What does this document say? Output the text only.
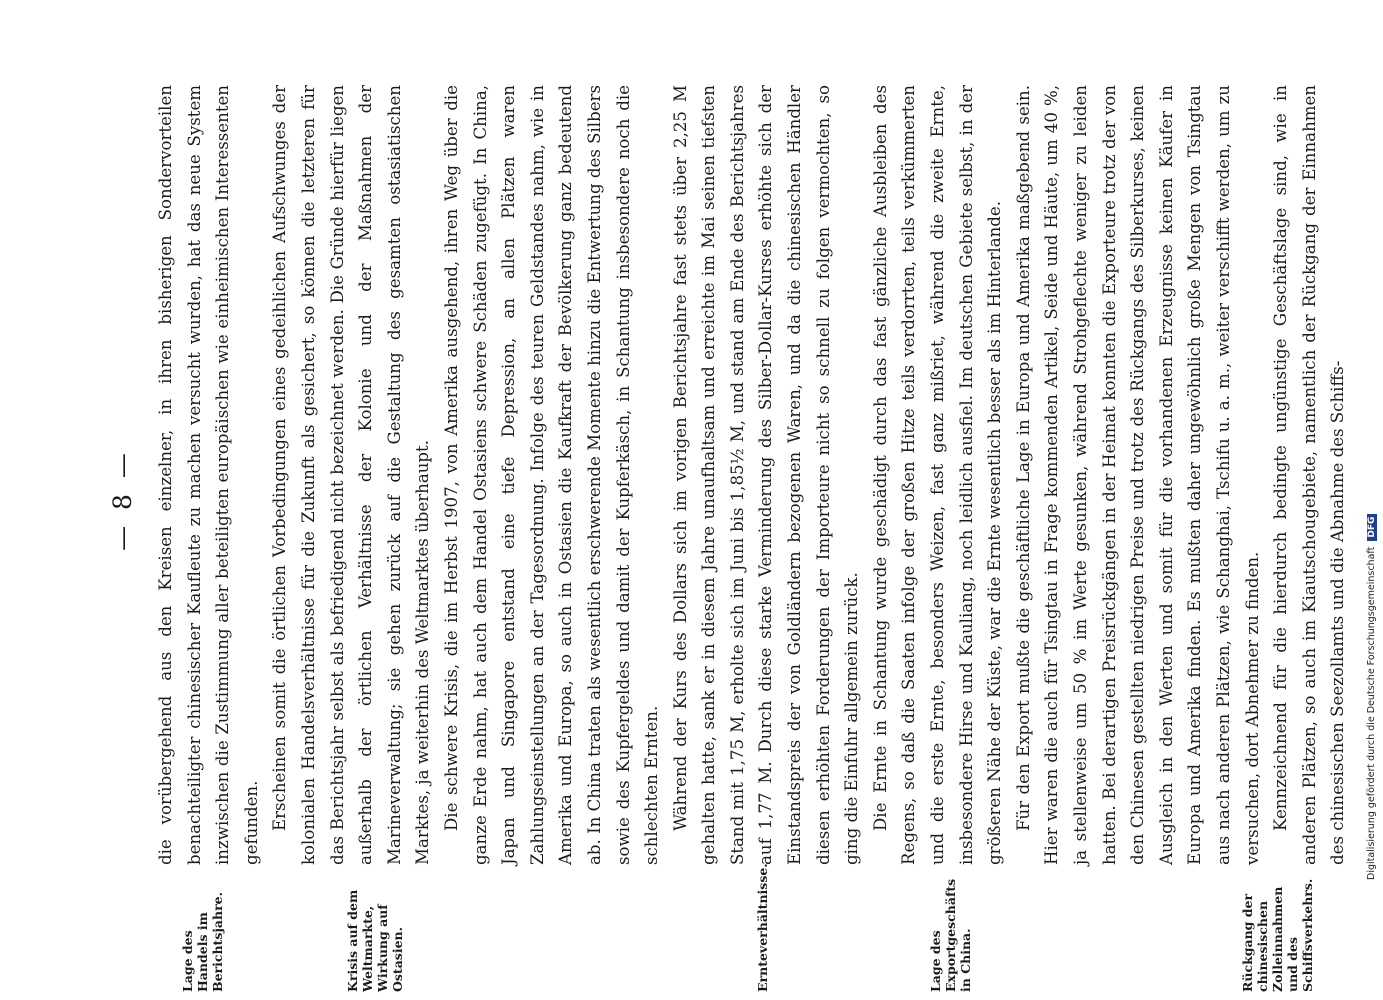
— 8 —
Lage des Handels im Berichtsjahre.	Krisis auf dem Weltmarkte, Wirkung auf Ostasien.	Ernteverhältnisse.	Lage des Exportgeschäfts in China.	Rückgang der chinesischen Zolleinnahmen und des Schiffsverkehrs.

die vorübergehend aus den Kreisen einzelner, in ihren bisherigen Sondervorteilen benachteiligter chinesischer Kaufleute zu machen versucht wurden, hat das neue System inzwischen die Zustimmung aller beteiligten europäischen wie einheimischen Interessenten gefunden. Erscheinen somit die örtlichen Vorbedingungen eines gedeihlichen Aufschwunges der kolonialen Handelsverhältnisse für die Zukunft als gesichert, so können die letzteren für das Berichtsjahr selbst als befriedigend nicht bezeichnet werden. Die Gründe hierfür liegen außerhalb der örtlichen Verhältnisse der Kolonie und der Maßnahmen der Marineverwaltung; sie gehen zurück auf die Gestaltung des gesamten ostasiatischen Marktes, ja weiterhin des Weltmarktes überhaupt. Die schwere Krisis, die im Herbst 1907, von Amerika ausgehend, ihren Weg über die ganze Erde nahm, hat auch dem Handel Ostasiens schwere Schäden zugefügt. In China, Japan und Singapore entstand eine tiefe Depression, an allen Plätzen waren Zahlungseinstellungen an der Tagesordnung. Infolge des teuren Geldstandes nahm, wie in Amerika und Europa, so auch in Ostasien die Kaufkraft der Bevölkerung ganz bedeutend ab. In China traten als wesentlich erschwerende Momente hinzu die Entwertung des Silbers sowie des Kupfergeldes und damit der Kupferkäsch, in Schantung insbesondere noch die schlechten Ernten. Während der Kurs des Dollars sich im vorigen Berichtsjahre fast stets über 2,25 M gehalten hatte, sank er in diesem Jahre unaufhaltsam und erreichte im Mai seinen tiefsten Stand mit 1,75 M, erholte sich im Juni bis 1,85½ M, und stand am Ende des Berichtsjahres auf 1,77 M. Durch diese starke Verminderung des Silber-Dollar-Kurses erhöhte sich der Einstandspreis der von Goldländern bezogenen Waren, und da die chinesischen Händler diesen erhöhten Forderungen der Importeure nicht so schnell zu folgen vermochten, so ging die Einfuhr allgemein zurück. Die Ernte in Schantung wurde geschädigt durch das fast gänzliche Ausbleiben des Regens, so daß die Saaten infolge der großen Hitze teils verdorrten, teils verkümmerten und die erste Ernte, besonders Weizen, fast ganz mißriet, während die zweite Ernte, insbesondere Hirse und Kauliang, noch leidlich ausfiel. Im deutschen Gebiete selbst, in der größeren Nähe der Küste, war die Ernte wesentlich besser als im Hinterlande. Für den Export mußte die geschäftliche Lage in Europa und Amerika maßgebend sein. Hier waren die auch für Tsingtau in Frage kommenden Artikel, Seide und Häute, um 40 %, ja stellenweise um 50 % im Werte gesunken, während Strohgeflechte weniger zu leiden hatten. Bei derartigen Preisrückgängen in der Heimat konnten die Exporteure trotz der von den Chinesen gestellten niedrigen Preise und trotz des Rückgangs des Silberkurses, keinen Ausgleich in den Werten und somit für die vorhandenen Erzeugnisse keinen Käufer in Europa und Amerika finden. Es mußten daher ungewöhnlich große Mengen von Tsingtau aus nach anderen Plätzen, wie Schanghai, Tschifu u. a. m., weiter verschifft werden, um zu versuchen, dort Abnehmer zu finden. Kennzeichnend für die hierdurch bedingte ungünstige Geschäftslage sind, wie in anderen Plätzen, so auch im Kiautschougebiete, namentlich der Rückgang der Einnahmen des chinesischen Seezollamts und die Abnahme des Schiffs-	Digitalisierung gefördert durch die Deutsche Forschungsgemeinschaft DFG
